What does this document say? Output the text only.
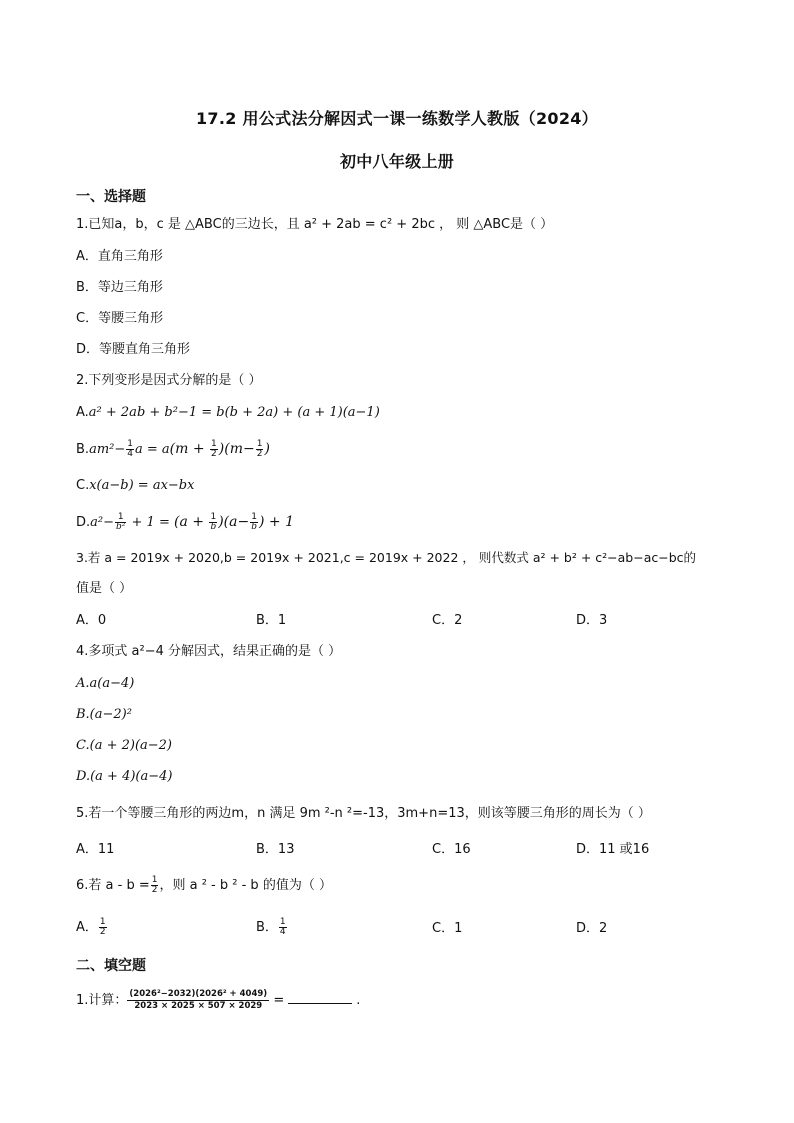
17.2 用公式法分解因式一课一练数学人教版（2024）
初中八年级上册
一、选择题
1.已知a，b，c 是 △ABC的三边长，且 a² + 2ab = c² + 2bc ， 则 △ABC是（ ）
A．直角三角形
B．等边三角形
C．等腰三角形
D．等腰直角三角形
2.下列变形是因式分解的是（ ）
A.a² + 2ab + b²−1 = b(b + 2a) + (a + 1)(a−1)
$B.am^2- \frac{1}{4}$ $a = a(m + \frac{1}{2} )(m- \frac{1}{2}$ )
C.x(a−b) = ax−bx
$D.a^2- \frac{1}{\text{b²}} + 1 = (a + \frac{1}{b} )(a- \frac{1}{b}$ ) + 1
3.若 a = 2019x + 2020,b = 2019x + 2021,c = 2019x + 2022 ， 则代数式 a² + b² + c²−ab−ac−bc的
值是（ ）
A．0	B．1	C．2	D．3
4.多项式 a²−4 分解因式，结果正确的是（ ）
A.a(a−4)
B.(a−2)²
C.(a + 2)(a−2)
D.(a + 4)(a−4)
5.若一个等腰三角形的两边m，n 满足 9m ²-n ²=-13，3m+n=13，则该等腰三角形的周长为（ ）
A．11	B．13	C．16	D．11 或16
6.若 $a - b = \frac{1}{2}$ ，则 a ² - b ² - b 的值为（ ）
A． $\frac{1}{2}$	B． $\frac{1}{4}$	C．1	D．2
二、填空题
1.计算： $\frac{\text{(2026²−2032)(2026² + 4049)}}{2023 \times 2025 \times 507 \times 2029}$ =	.
